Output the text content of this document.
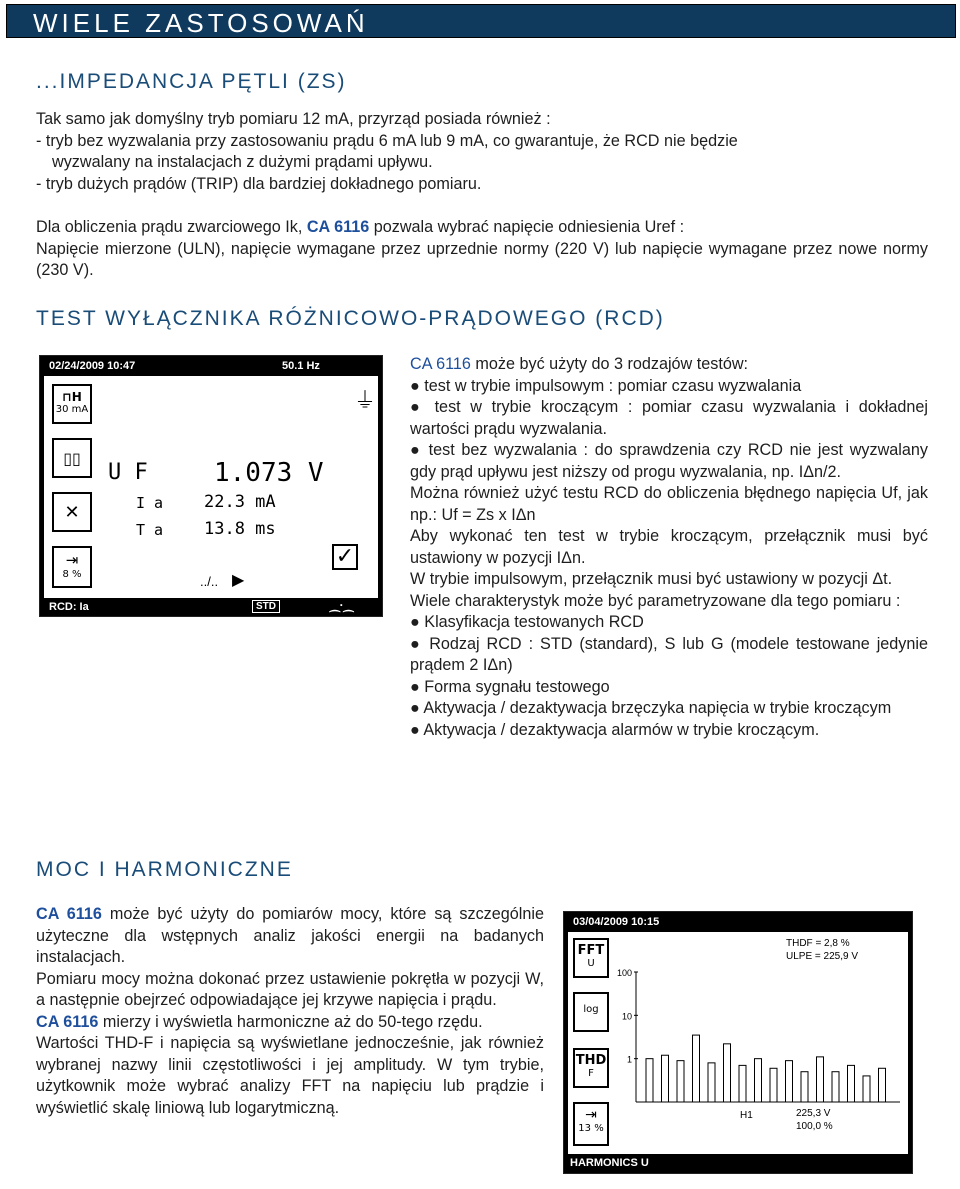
WIELE ZASTOSOWAŃ
...IMPEDANCJA PĘTLI (ZS)
Tak samo jak domyślny tryb pomiaru 12 mA, przyrząd posiada również :
- tryb bez wyzwalania przy zastosowaniu prądu 6 mA lub 9 mA, co gwarantuje, że RCD nie będzie
wyzwalany na instalacjach z dużymi prądami upływu.
- tryb dużych prądów (TRIP) dla bardziej dokładnego pomiaru.
Dla obliczenia prądu zwarciowego Ik, CA 6116 pozwala wybrać napięcie odniesienia Uref :
Napięcie mierzone (ULN), napięcie wymagane przez uprzednie normy (220 V) lub napięcie wymagane przez nowe normy (230 V).
TEST WYŁĄCZNIKA RÓŻNICOWO-PRĄDOWEGO (RCD)
02/24/2009 10:47	50.1 Hz
⊓H
30 mA
▯▯
✕
⇥
8 %
⏚
U F	1.073 V
I a 22.3 mA
T a 13.8 ms
✓
../.. ▶
RCD: Ia	STD	⁔·⁔
CA 6116 może być użyty do 3 rodzajów testów:
● test w trybie impulsowym : pomiar czasu wyzwalania
● test w trybie kroczącym : pomiar czasu wyzwalania i dokładnej wartości prądu wyzwalania.
● test bez wyzwalania : do sprawdzenia czy RCD nie jest wyzwalany gdy prąd upływu jest niższy od progu wyzwalania, np. IΔn/2.
Można również użyć testu RCD do obliczenia błędnego napięcia Uf, jak np.: Uf = Zs x IΔn
Aby wykonać ten test w trybie kroczącym, przełącznik musi być ustawiony w pozycji IΔn.
W trybie impulsowym, przełącznik musi być ustawiony w pozycji Δt.
Wiele charakterystyk może być parametryzowane dla tego pomiaru :
● Klasyfikacja testowanych RCD
● Rodzaj RCD : STD (standard), S lub G (modele testowane jedynie prądem 2 IΔn)
● Forma sygnału testowego
● Aktywacja / dezaktywacja brzęczyka napięcia w trybie kroczącym
● Aktywacja / dezaktywacja alarmów w trybie kroczącym.
MOC I HARMONICZNE
CA 6116 może być użyty do pomiarów mocy, które są szczególnie użyteczne dla wstępnych analiz jakości energii na badanych instalacjach.
Pomiaru mocy można dokonać przez ustawienie pokrętła w pozycji W, a następnie obejrzeć odpowiadające jej krzywe napięcia i prądu.
CA 6116 mierzy i wyświetla harmoniczne aż do 50-tego rzędu.
Wartości THD-F i napięcia są wyświetlane jednocześnie, jak również wybranej nazwy linii częstotliwości i jej amplitudy. W tym trybie, użytkownik może wybrać analizy FFT na napięciu lub prądzie i wyświetlić skalę liniową lub logarytmiczną.
03/04/2009 10:15
FFT
U
log
THD
F
⇥
13 %
THDF = 2,8 %
ULPE = 225,9 V
100
10
1
H1	225,3 V
100,0 %
HARMONICS U
